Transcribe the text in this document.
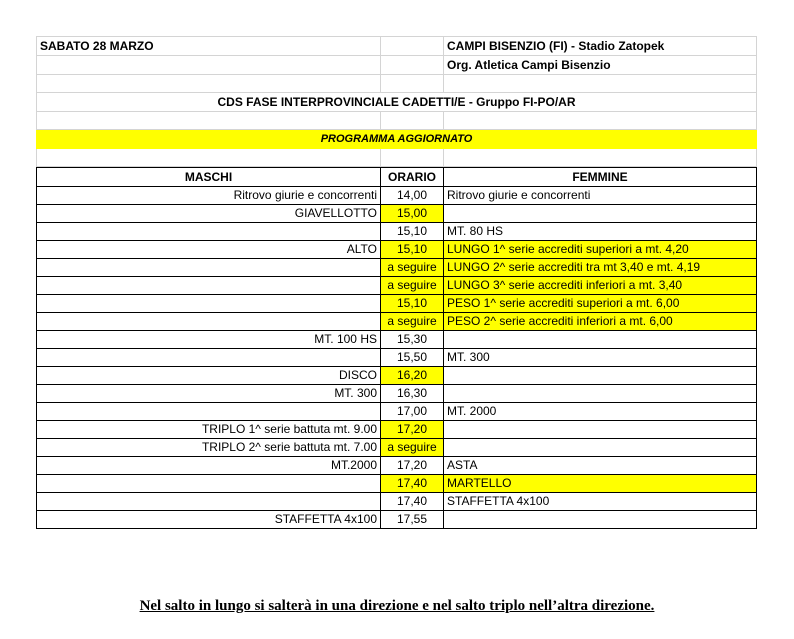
SABATO 28 MARZO		CAMPI BISENZIO (FI) - Stadio Zatopek
		Org. Atletica Campi Bisenzio

CDS FASE INTERPROVINCIALE CADETTI/E - Gruppo FI-PO/AR		

PROGRAMMA AGGIORNATO		

MASCHI	ORARIO	FEMMINE
Ritrovo giurie e concorrenti	14,00	Ritrovo giurie e concorrenti
GIAVELLOTTO	15,00	
	15,10	MT. 80 HS
ALTO	15,10	LUNGO 1^ serie accrediti superiori a mt. 4,20
	a seguire	LUNGO 2^ serie accrediti tra mt 3,40 e mt. 4,19
	a seguire	LUNGO 3^ serie accrediti inferiori a mt. 3,40
	15,10	PESO 1^ serie accrediti superiori a mt. 6,00
	a seguire	PESO 2^ serie accrediti inferiori a mt. 6,00
MT. 100 HS	15,30	
	15,50	MT. 300
DISCO	16,20	
MT. 300	16,30	
	17,00	MT. 2000
TRIPLO 1^ serie battuta mt. 9.00	17,20	
TRIPLO 2^ serie battuta mt. 7.00	a seguire	
MT.2000	17,20	ASTA
	17,40	MARTELLO
	17,40	STAFFETTA 4x100
STAFFETTA 4x100	17,55	
Nel salto in lungo si salterà in una direzione e nel salto triplo nell’altra direzione.
